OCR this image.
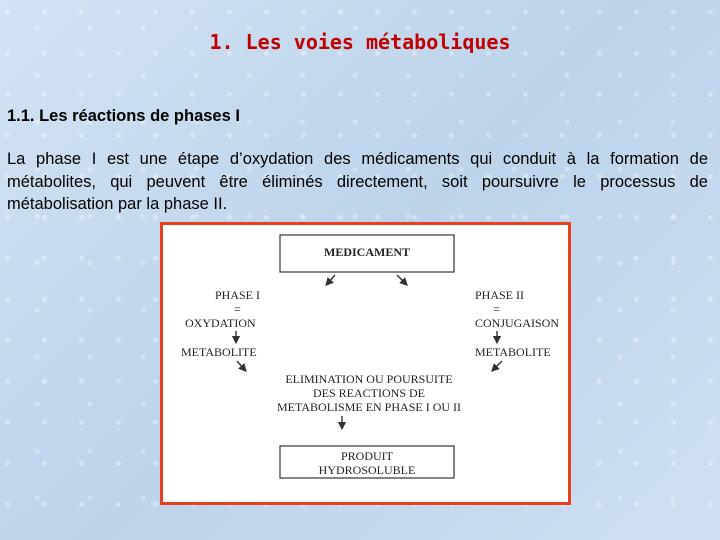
1. Les voies métaboliques
1.1. Les réactions de phases I

La phase I est une étape d’oxydation des médicaments qui conduit à la formation de métabolites, qui peuvent être éliminés directement, soit poursuivre le processus de métabolisation par la phase II.

MEDICAMENT
PHASE I
=
OXYDATION
METABOLITE
PHASE II
=
CONJUGAISON
METABOLITE
ELIMINATION OU POURSUITE
DES REACTIONS DE
METABOLISME EN PHASE I OU II
PRODUIT
HYDROSOLUBLE
